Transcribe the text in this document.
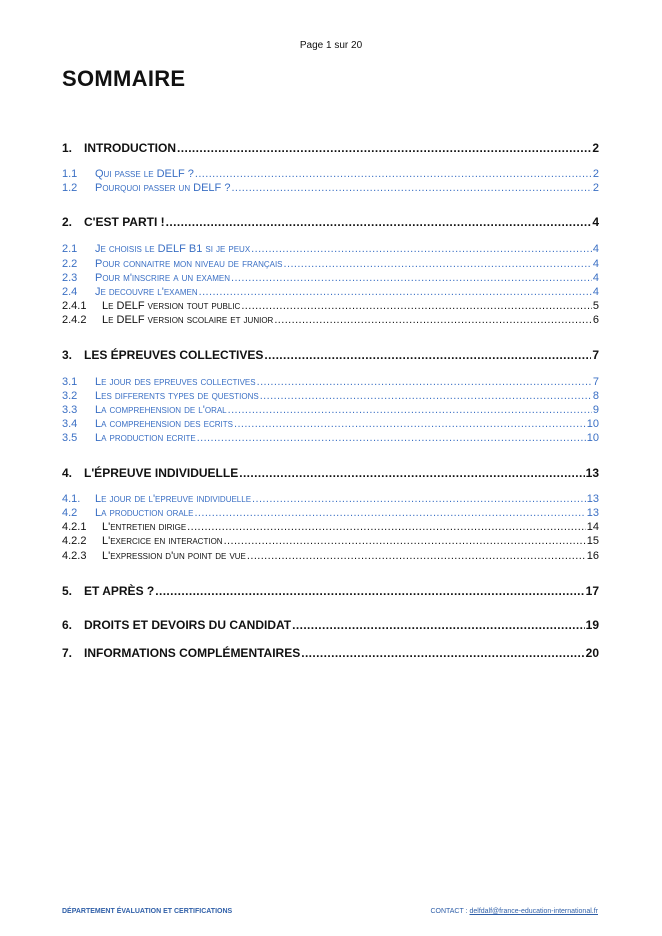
Page 1 sur 20
SOMMAIRE
1. INTRODUCTION .....	2
1.1	Qui passe le DELF ? .....	2
1.2	Pourquoi passer un DELF ? .....	2
2. C'EST PARTI ! .....	4
2.1	Je choisis le DELF B1 si je peux .....	4
2.2	Pour connaitre mon niveau de français .....	4
2.3	Pour m'inscrire a un examen .....	4
2.4	Je decouvre l'examen .....	4
2.4.1	Le DELF version tout public .....	5
2.4.2	Le DELF version scolaire et junior .....	6
3. LES ÉPREUVES COLLECTIVES .....	7
3.1	Le jour des epreuves collectives .....	7
3.2	Les differents types de questions .....	8
3.3	La comprehension de l'oral .....	9
3.4	La comprehension des ecrits .....	10
3.5	La production ecrite .....	10
4. L'ÉPREUVE INDIVIDUELLE .....	13
4.1.	Le jour de l'epreuve individuelle .....	13
4.2	La production orale .....	13
4.2.1	L'entretien dirige .....	14
4.2.2	L'exercice en interaction .....	15
4.2.3	L'expression d'un point de vue .....	16
5. ET APRÈS ? .....	17
6. DROITS ET DEVOIRS DU CANDIDAT .....	19
7. INFORMATIONS COMPLÉMENTAIRES .....	20
DÉPARTEMENT ÉVALUATION ET CERTIFICATIONS	CONTACT : delfdalf@france-education-international.fr
